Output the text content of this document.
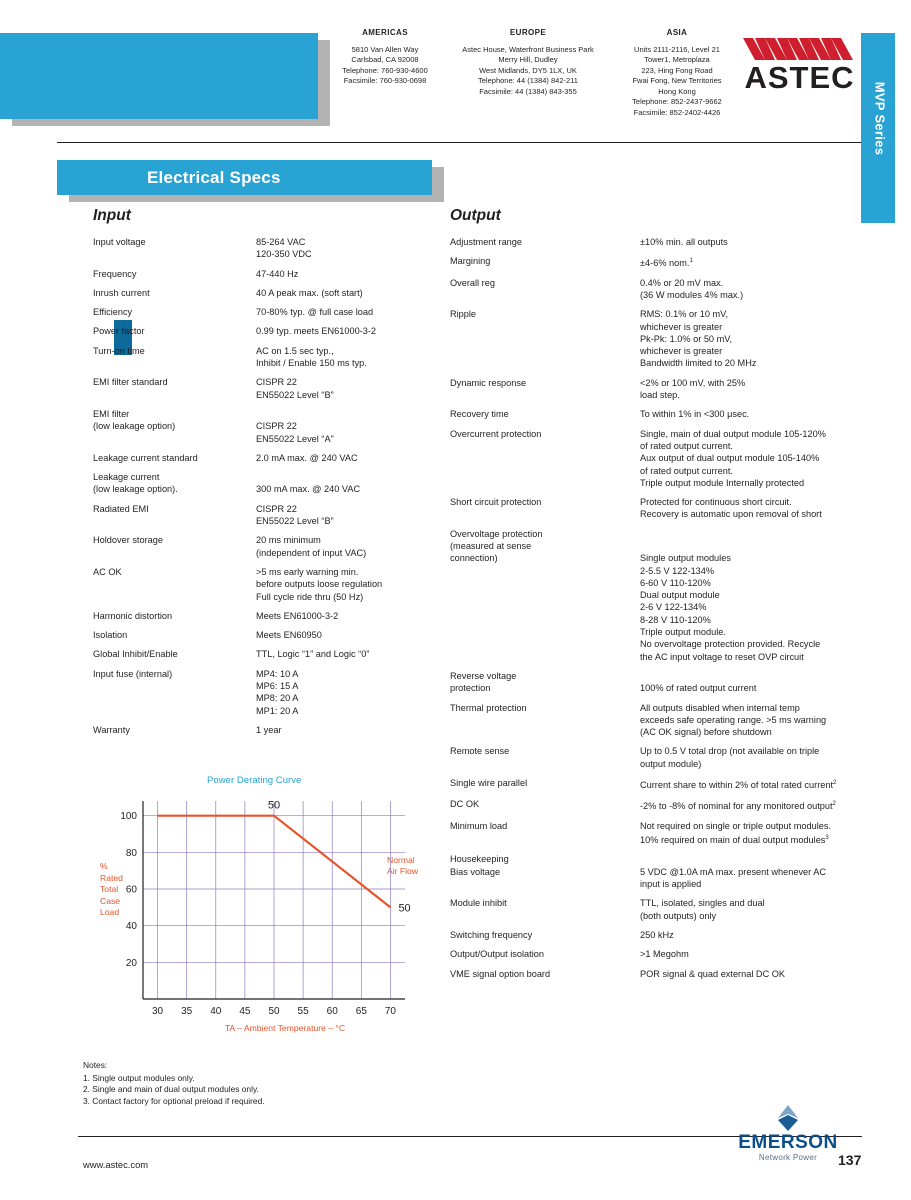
AMERICAS
5810 Van Allen Way
Carlsbad, CA 92008
Telephone: 760-930-4600
Facsimile: 760-930-0698
EUROPE
Astec House, Waterfront Business Park
Merry Hill, Dudley
West Midlands, DY5 1LX, UK
Telephone: 44 (1384) 842-211
Facsimile: 44 (1384) 843-355
ASIA
Units 2111-2116, Level 21
Tower1, Metroplaza
223, Hing Fong Road
Fwai Fong, New Territories
Hong Kong
Telephone: 852-2437-9662
Facsimile: 852-2402-4426
ASTEC
MVP Series
Electrical Specs
Input
Input voltage	85-264 VAC
120-350 VDC
Frequency	47-440 Hz
Inrush current	40 A peak max. (soft start)
Efficiency	70-80% typ. @ full case load
Power factor	0.99 typ. meets EN61000-3-2
Turn-on time	AC on 1.5 sec typ.,
Inhibit / Enable 150 ms typ.
EMI filter standard	CISPR 22
EN55022 Level “B”
EMI filter
(low leakage option)
	CISPR 22
EN55022 Level “A”
Leakage current standard	2.0 mA max. @ 240 VAC
Leakage current
(low leakage option).
	300 mA max. @ 240 VAC
Radiated EMI	CISPR 22
EN55022 Level “B”
Holdover storage	20 ms minimum
(independent of input VAC)
AC OK	>5 ms early warning min.
before outputs loose regulation
Full cycle ride thru (50 Hz)
Harmonic distortion	Meets EN61000-3-2
Isolation	Meets EN60950
Global Inhibit/Enable	TTL, Logic “1” and Logic “0”
Input fuse (internal)	MP4: 10 A
MP6: 15 A
MP8: 20 A
MP1: 20 A
Warranty	1 year
Output
Adjustment range	±10% min. all outputs
Margining	±4-6% nom.$^1$
Overall reg	0.4% or 20 mV max.
(36 W modules 4% max.)
Ripple	RMS: 0.1% or 10 mV,
whichever is greater
Pk-Pk: 1.0% or 50 mV,
whichever is greater
Bandwidth limited to 20 MHz
Dynamic response	<2% or 100 mV, with 25%
load step.
Recovery time	To within 1% in <300 μsec.
Overcurrent protection	Single, main of dual output module 105-120%
of rated output current.
Aux output of dual output module 105-140%
of rated output current.
Triple output module Internally protected
Short circuit protection	Protected for continuous short circuit.
Recovery is automatic upon removal of short
Overvoltage protection
(measured at sense
connection)

	Single output modules
2-5.5 V 122-134%
6-60 V 110-120%
Dual output module
2-6 V 122-134%
8-28 V 110-120%
Triple output module.
No overvoltage protection provided. Recycle
the AC input voltage to reset OVP circuit
Reverse voltage
protection
	100% of rated output current
Thermal protection	All outputs disabled when internal temp
exceeds safe operating range. >5 ms warning
(AC OK signal) before shutdown
Remote sense	Up to 0.5 V total drop (not available on triple
output module)
Single wire parallel	Current share to within 2% of total rated current$^2$
DC OK	-2% to -8% of nominal for any monitored output$^2$
Minimum load	Not required on single or triple output modules.
10% required on main of dual output modules$^3$
Housekeeping
Bias voltage
	5 VDC @1.0A mA max. present whenever AC
input is applied
Module inhibit	TTL, isolated, singles and dual
(both outputs) only
Switching frequency	250 kHz
Output/Output isolation	>1 Megohm
VME signal option board	POR signal & quad external DC OK
Power Derating Curve
%
Rated
Total
Case
Load
Normal
Air Flow
20
40
60
80
100
30 35 40 45 50 55 60 65 70
50
50
TA – Ambient Temperature – °C
Notes:
1. Single output modules only.
2. Single and main of dual output modules only.
3. Contact factory for optional preload if required.
www.astec.com	137
EMERSON
Network Power
